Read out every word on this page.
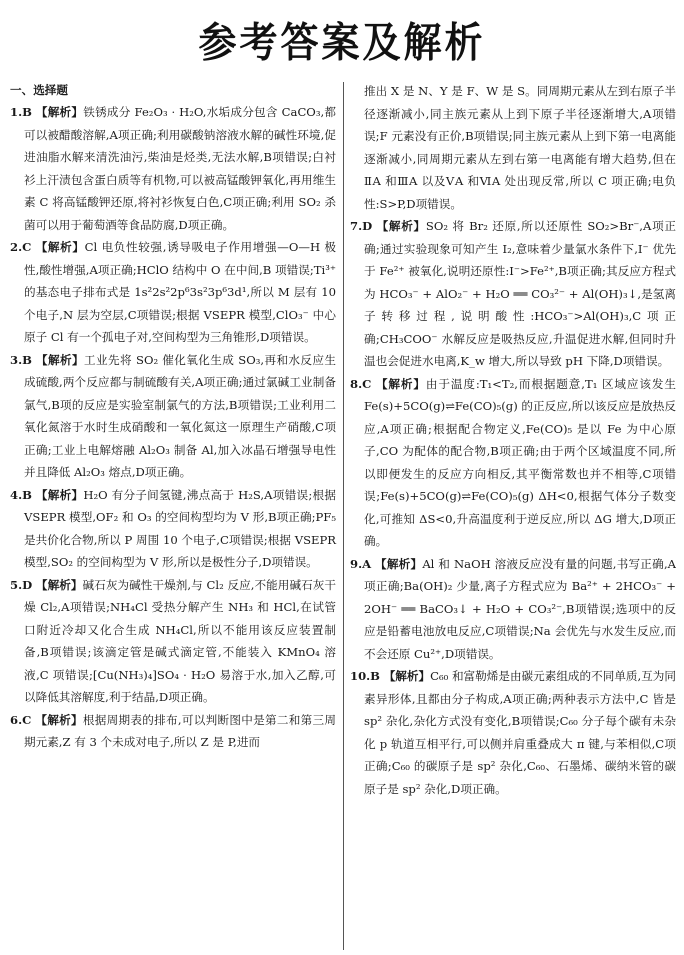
参考答案及解析

一、选择题

1.B 【解析】铁锈成分 Fe₂O₃ · H₂O,水垢成分包含 CaCO₃,都可以被醋酸溶解,A项正确;利用碳酸钠溶液水解的碱性环境,促进油脂水解来清洗油污,柴油是烃类,无法水解,B项错误;白衬衫上汗渍包含蛋白质等有机物,可以被高锰酸钾氧化,再用维生素 C 将高锰酸钾还原,将衬衫恢复白色,C项正确;利用 SO₂ 杀菌可以用于葡萄酒等食品防腐,D项正确。

2.C 【解析】Cl 电负性较强,诱导吸电子作用增强—O—H 极性,酸性增强,A项正确;HClO 结构中 O 在中间,B 项错误;Ti³⁺ 的基态电子排布式是 1s²2s²2p⁶3s²3p⁶3d¹,所以 M 层有 10 个电子,N 层为空层,C项错误;根据 VSEPR 模型,ClO₃⁻ 中心原子 Cl 有一个孤电子对,空间构型为三角锥形,D项错误。

3.B 【解析】工业先将 SO₂ 催化氧化生成 SO₃,再和水反应生成硫酸,两个反应都与制硫酸有关,A项正确;通过氯碱工业制备氯气,B项的反应是实验室制氯气的方法,B项错误;工业利用二氧化氮溶于水时生成硝酸和一氧化氮这一原理生产硝酸,C项正确;工业上电解熔融 Al₂O₃ 制备 Al,加入冰晶石增强导电性并且降低 Al₂O₃ 熔点,D项正确。

4.B 【解析】H₂O 有分子间氢键,沸点高于 H₂S,A项错误;根据 VSEPR 模型,OF₂ 和 O₃ 的空间构型均为 V 形,B项正确;PF₅ 是共价化合物,所以 P 周围 10 个电子,C项错误;根据 VSEPR 模型,SO₂ 的空间构型为 V 形,所以是极性分子,D项错误。

5.D 【解析】碱石灰为碱性干燥剂,与 Cl₂ 反应,不能用碱石灰干燥 Cl₂,A项错误;NH₄Cl 受热分解产生 NH₃ 和 HCl,在试管口附近冷却又化合生成 NH₄Cl,所以不能用该反应装置制备,B项错误;该滴定管是碱式滴定管,不能装入 KMnO₄ 溶液,C 项错误;[Cu(NH₃)₄]SO₄ · H₂O 易溶于水,加入乙醇,可以降低其溶解度,利于结晶,D项正确。

6.C 【解析】根据周期表的排布,可以判断图中是第二和第三周期元素,Z 有 3 个未成对电子,所以 Z 是 P,进而

推出 X 是 N、Y 是 F、W 是 S。同周期元素从左到右原子半径逐渐减小,同主族元素从上到下原子半径逐渐增大,A项错误;F 元素没有正价,B项错误;同主族元素从上到下第一电离能逐渐减小,同周期元素从左到右第一电离能有增大趋势,但在ⅡA 和ⅢA 以及ⅤA 和ⅥA 处出现反常,所以 C 项正确;电负性:S>P,D项错误。

7.D 【解析】SO₂ 将 Br₂ 还原,所以还原性 SO₂>Br⁻,A项正确;通过实验现象可知产生 I₂,意味着少量氯水条件下,I⁻ 优先于 Fe²⁺ 被氧化,说明还原性:I⁻>Fe²⁺,B项正确;其反应方程式为 HCO₃⁻ + AlO₂⁻ + H₂O ══ CO₃²⁻ + Al(OH)₃↓,是氢离子转移过程,说明酸性:HCO₃⁻>Al(OH)₃,C项正确;CH₃COO⁻ 水解反应是吸热反应,升温促进水解,但同时升温也会促进水电离,K_w 增大,所以导致 pH 下降,D项错误。

8.C 【解析】由于温度:T₁<T₂,而根据题意,T₁ 区域应该发生 Fe(s)+5CO(g)⇌Fe(CO)₅(g) 的正反应,所以该反应是放热反应,A项正确;根据配合物定义,Fe(CO)₅ 是以 Fe 为中心原子,CO 为配体的配合物,B项正确;由于两个区域温度不同,所以即便发生的反应方向相反,其平衡常数也并不相等,C项错误;Fe(s)+5CO(g)⇌Fe(CO)₅(g) ΔH<0,根据气体分子数变化,可推知 ΔS<0,升高温度利于逆反应,所以 ΔG 增大,D项正确。

9.A 【解析】Al 和 NaOH 溶液反应没有量的问题,书写正确,A项正确;Ba(OH)₂ 少量,离子方程式应为 Ba²⁺ + 2HCO₃⁻ + 2OH⁻ ══ BaCO₃↓ + H₂O + CO₃²⁻,B项错误;选项中的反应是铅蓄电池放电反应,C项错误;Na 会优先与水发生反应,而不会还原 Cu²⁺,D项错误。

10.B 【解析】C₆₀ 和富勒烯是由碳元素组成的不同单质,互为同素异形体,且都由分子构成,A项正确;两种表示方法中,C 皆是 sp² 杂化,杂化方式没有变化,B项错误;C₆₀ 分子每个碳有未杂化 p 轨道互相平行,可以侧并肩重叠成大 π 键,与苯相似,C项正确;C₆₀ 的碳原子是 sp² 杂化,C₆₀、石墨烯、碳纳米管的碳原子是 sp² 杂化,D项正确。
